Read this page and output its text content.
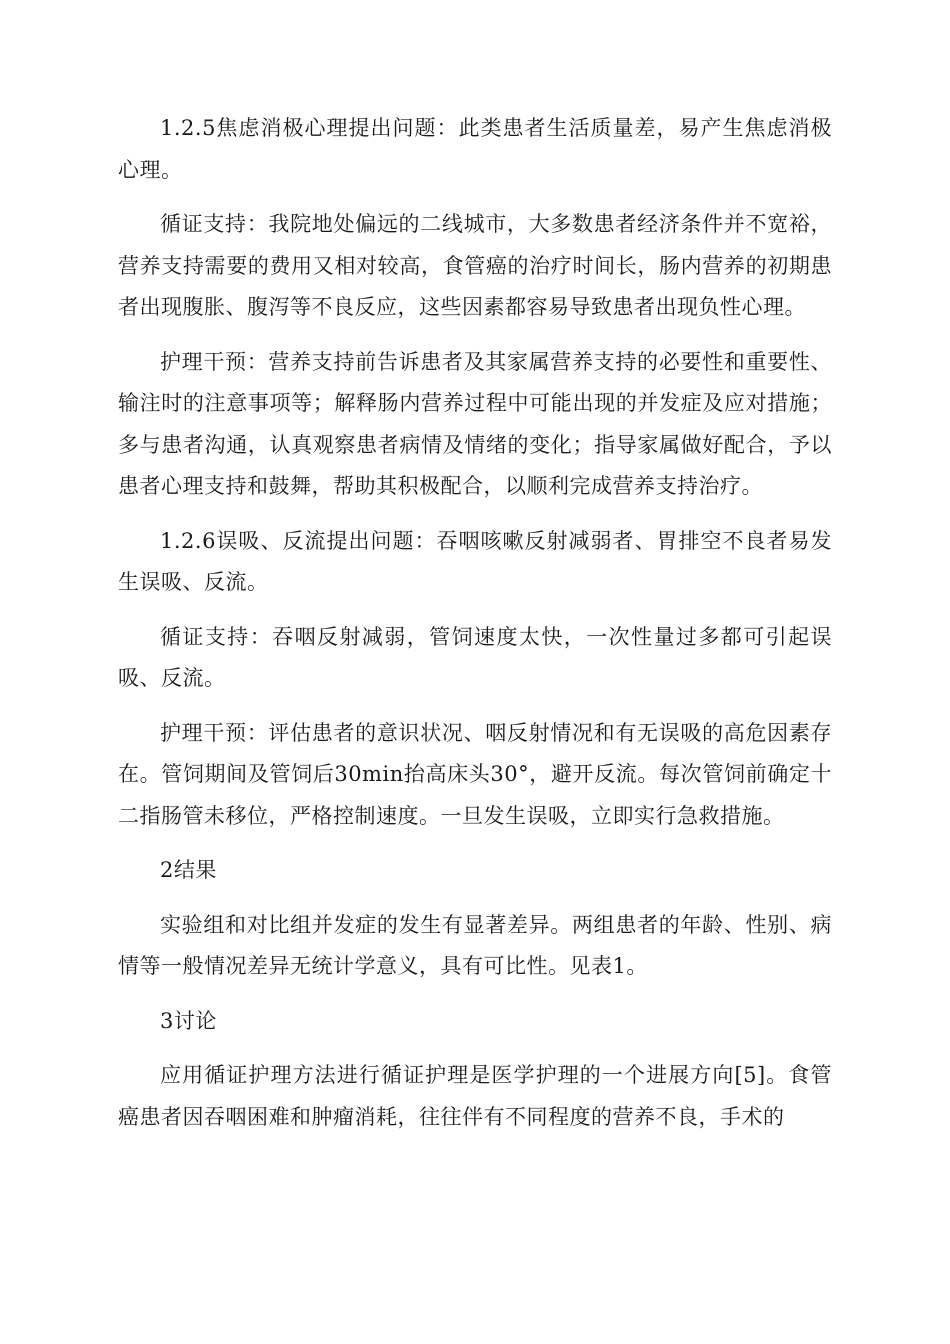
1.2.5焦虑消极心理提出问题：此类患者生活质量差，易产生焦虑消极心理。

循证支持：我院地处偏远的二线城市，大多数患者经济条件并不宽裕，营养支持需要的费用又相对较高，食管癌的治疗时间长，肠内营养的初期患者出现腹胀、腹泻等不良反应，这些因素都容易导致患者出现负性心理。

护理干预：营养支持前告诉患者及其家属营养支持的必要性和重要性、输注时的注意事项等；解释肠内营养过程中可能出现的并发症及应对措施；多与患者沟通，认真观察患者病情及情绪的变化；指导家属做好配合，予以患者心理支持和鼓舞，帮助其积极配合，以顺利完成营养支持治疗。

1.2.6误吸、反流提出问题：吞咽咳嗽反射减弱者、胃排空不良者易发生误吸、反流。

循证支持：吞咽反射减弱，管饲速度太快，一次性量过多都可引起误吸、反流。

护理干预：评估患者的意识状况、咽反射情况和有无误吸的高危因素存在。管饲期间及管饲后30min抬高床头30°，避开反流。每次管饲前确定十二指肠管未移位，严格控制速度。一旦发生误吸，立即实行急救措施。

2结果

实验组和对比组并发症的发生有显著差异。两组患者的年龄、性别、病情等一般情况差异无统计学意义，具有可比性。见表1。

3讨论

应用循证护理方法进行循证护理是医学护理的一个进展方向[5]。食管癌患者因吞咽困难和肿瘤消耗，往往伴有不同程度的营养不良，手术的
